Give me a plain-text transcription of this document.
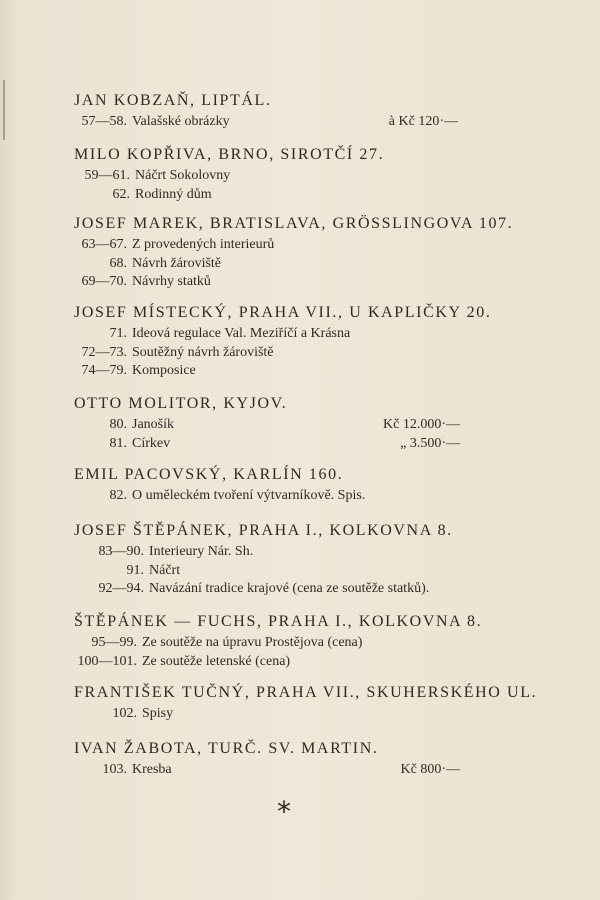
JAN KOBZAŇ, LIPTÁL.
57—58. Valašské obrázky	à Kč 120·—
MILO KOPŘIVA, BRNO, SIROTČÍ 27.
59—61. Náčrt Sokolovny
62. Rodinný dům
JOSEF MAREK, BRATISLAVA, GRÖSSLINGOVA 107.
63—67. Z provedených interieurů
68. Návrh žároviště
69—70. Návrhy statků
JOSEF MÍSTECKÝ, PRAHA VII., U KAPLIČKY 20.
71. Ideová regulace Val. Meziříčí a Krásna
72—73. Soutěžný návrh žároviště
74—79. Komposice
OTTO MOLITOR, KYJOV.
80. Janošík	Kč 12.000·—
81. Církev	„ 3.500·—
EMIL PACOVSKÝ, KARLÍN 160.
82. O uměleckém tvoření výtvarníkově. Spis.
JOSEF ŠTĚPÁNEK, PRAHA I., KOLKOVNA 8.
83—90. Interieury Nár. Sh.
91. Náčrt
92—94. Navázání tradice krajové (cena ze soutěže statků).
ŠTĚPÁNEK — FUCHS, PRAHA I., KOLKOVNA 8.
95—99. Ze soutěže na úpravu Prostějova (cena)
100—101. Ze soutěže letenské (cena)
FRANTIŠEK TUČNÝ, PRAHA VII., SKUHERSKÉHO UL.
102. Spisy
IVAN ŽABOTA, TURČ. SV. MARTIN.
103. Kresba	Kč 800·—
*
